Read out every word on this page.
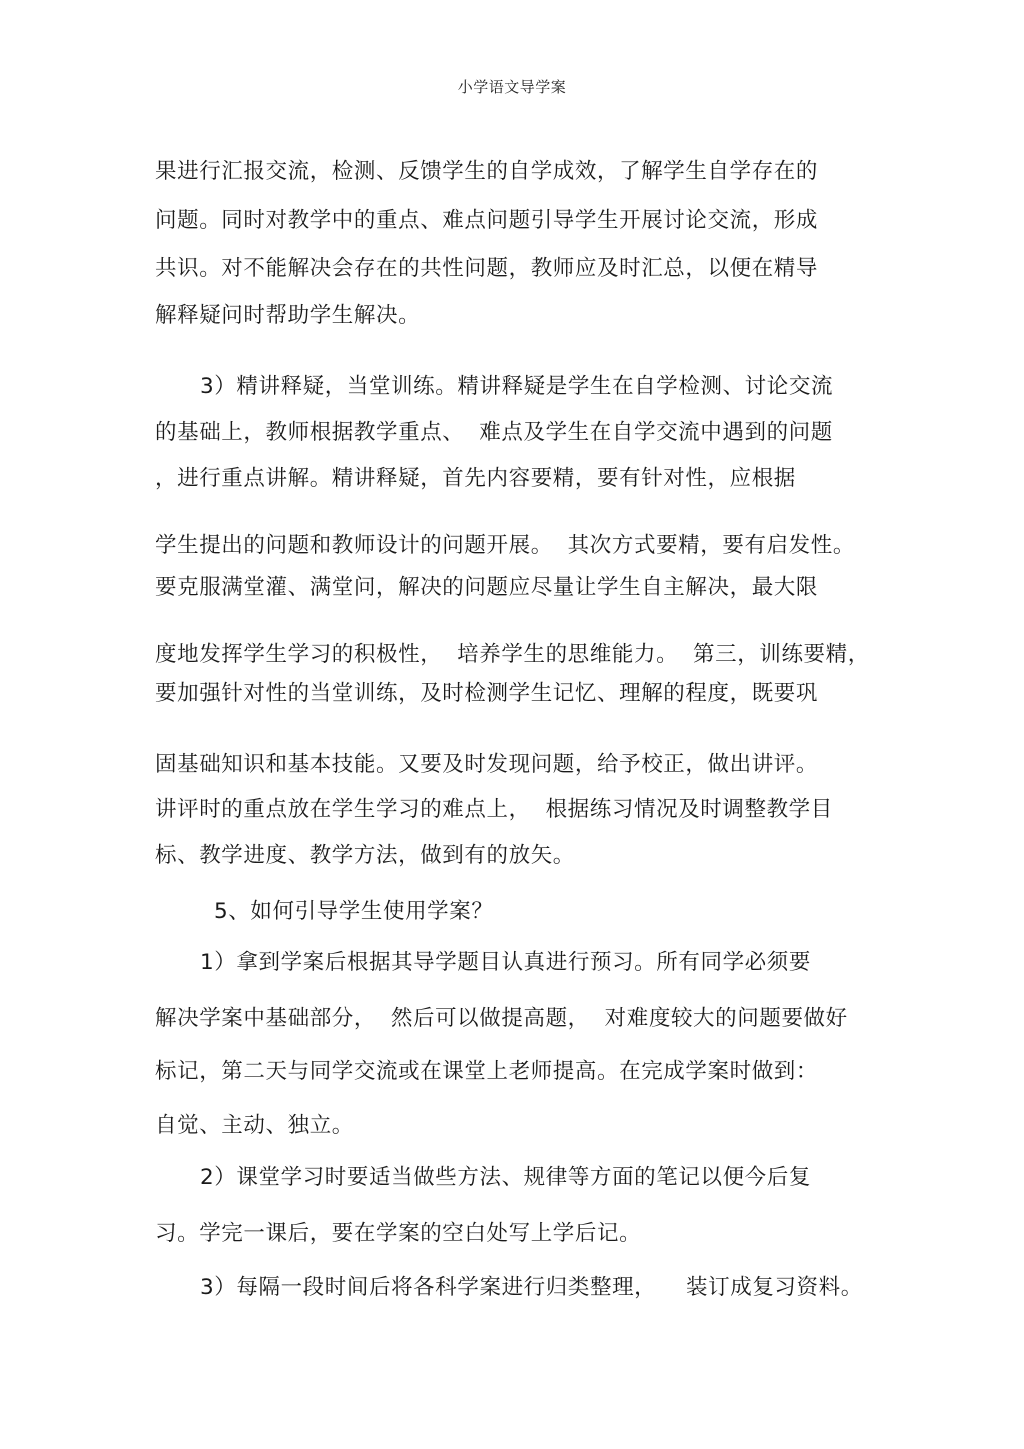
小学语文导学案
果进行汇报交流，检测、反馈学生的自学成效，了解学生自学存在的
问题。同时对教学中的重点、难点问题引导学生开展讨论交流，形成
共识。对不能解决会存在的共性问题，教师应及时汇总，以便在精导
解释疑问时帮助学生解决。
3）精讲释疑，当堂训练。精讲释疑是学生在自学检测、讨论交流
的基础上，教师根据教学重点、  难点及学生在自学交流中遇到的问题
，进行重点讲解。精讲释疑，首先内容要精，要有针对性，应根据
学生提出的问题和教师设计的问题开展。  其次方式要精，要有启发性。
要克服满堂灌、满堂问，解决的问题应尽量让学生自主解决，最大限
度地发挥学生学习的积极性，  培养学生的思维能力。  第三，训练要精，
要加强针对性的当堂训练，及时检测学生记忆、理解的程度，既要巩
固基础知识和基本技能。又要及时发现问题，给予校正，做出讲评。
讲评时的重点放在学生学习的难点上，  根据练习情况及时调整教学目
标、教学进度、教学方法，做到有的放矢。
5、如何引导学生使用学案？
1）拿到学案后根据其导学题目认真进行预习。所有同学必须要
解决学案中基础部分，  然后可以做提高题，  对难度较大的问题要做好
标记，第二天与同学交流或在课堂上老师提高。在完成学案时做到：
自觉、主动、独立。
2）课堂学习时要适当做些方法、规律等方面的笔记以便今后复
习。学完一课后，要在学案的空白处写上学后记。
3）每隔一段时间后将各科学案进行归类整理，    装订成复习资料。
